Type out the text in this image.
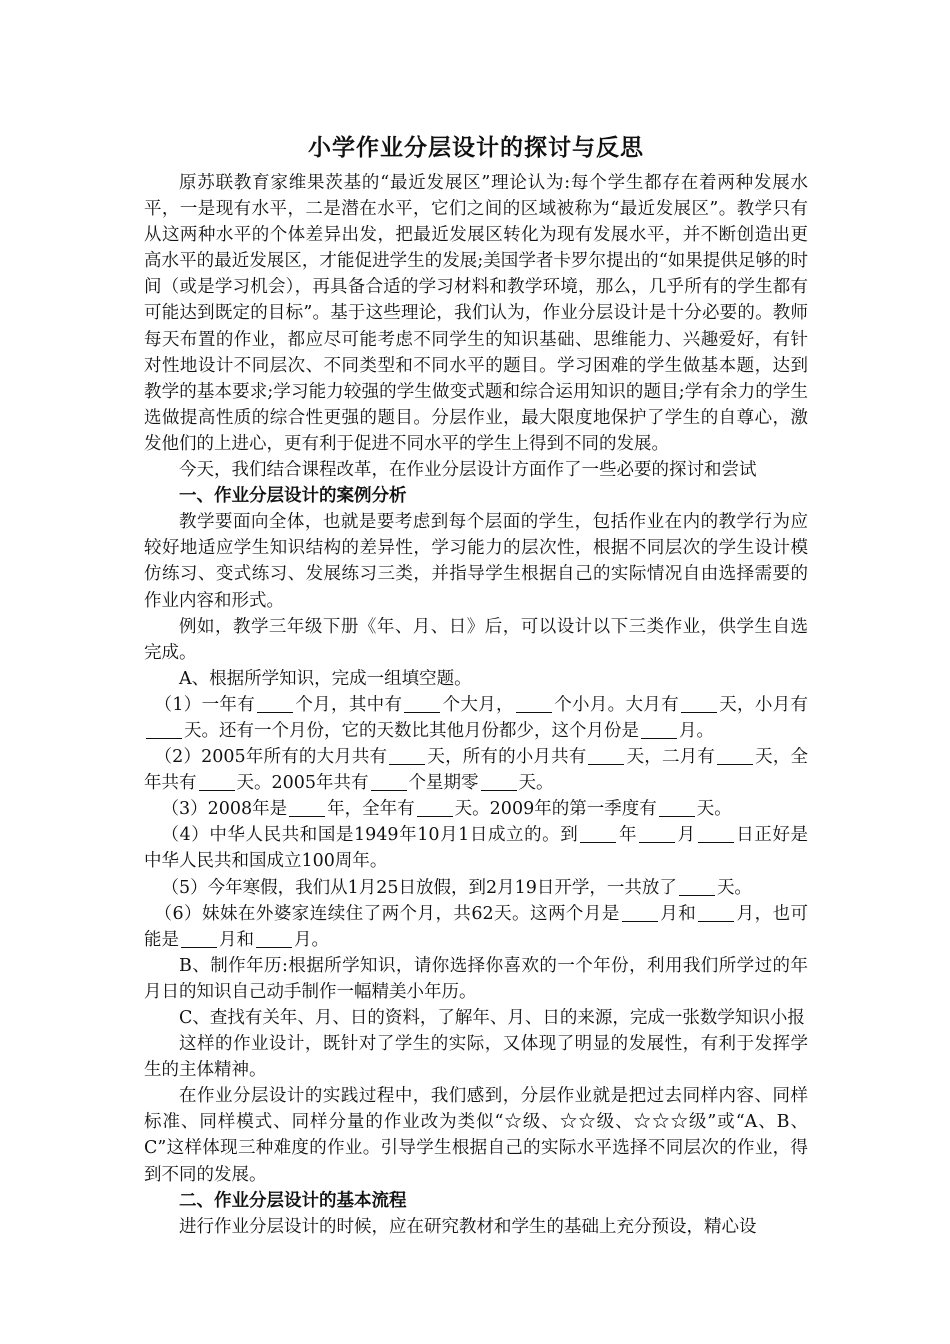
小学作业分层设计的探讨与反思

原苏联教育家维果茨基的“最近发展区”理论认为:每个学生都存在着两种发展水平，一是现有水平，二是潜在水平，它们之间的区域被称为“最近发展区”。教学只有从这两种水平的个体差异出发，把最近发展区转化为现有发展水平，并不断创造出更高水平的最近发展区，才能促进学生的发展;美国学者卡罗尔提出的“如果提供足够的时间（或是学习机会），再具备合适的学习材料和教学环境，那么，几乎所有的学生都有可能达到既定的目标”。基于这些理论，我们认为，作业分层设计是十分必要的。教师每天布置的作业，都应尽可能考虑不同学生的知识基础、思维能力、兴趣爱好，有针对性地设计不同层次、不同类型和不同水平的题目。学习困难的学生做基本题，达到教学的基本要求;学习能力较强的学生做变式题和综合运用知识的题目;学有余力的学生选做提高性质的综合性更强的题目。分层作业，最大限度地保护了学生的自尊心，激发他们的上进心，更有利于促进不同水平的学生上得到不同的发展。

今天，我们结合课程改革，在作业分层设计方面作了一些必要的探讨和尝试

一、作业分层设计的案例分析

教学要面向全体，也就是要考虑到每个层面的学生，包括作业在内的教学行为应较好地适应学生知识结构的差异性，学习能力的层次性，根据不同层次的学生设计模仿练习、变式练习、发展练习三类，并指导学生根据自己的实际情况自由选择需要的作业内容和形式。

例如，教学三年级下册《年、月、日》后，可以设计以下三类作业，供学生自选完成。

A、根据所学知识，完成一组填空题。

（1）一年有 个月，其中有 个大月， 个小月。大月有 天，小月有天。还有一个月份，它的天数比其他月份都少，这个月份是 月。

（2）2005年所有的大月共有 天，所有的小月共有 天，二月有 天，全年共有 天。2005年共有 个星期零 天。

（3）2008年是 年，全年有 天。2009年的第一季度有 天。

（4）中华人民共和国是1949年10月1日成立的。到 年 月 日正好是中华人民共和国成立100周年。

（5）今年寒假，我们从1月25日放假，到2月19日开学，一共放了 天。

（6）妹妹在外婆家连续住了两个月，共62天。这两个月是 月和 月，也可能是 月和 月。

B、制作年历:根据所学知识，请你选择你喜欢的一个年份，利用我们所学过的年月日的知识自己动手制作一幅精美小年历。

C、查找有关年、月、日的资料，了解年、月、日的来源，完成一张数学知识小报

这样的作业设计，既针对了学生的实际，又体现了明显的发展性，有利于发挥学生的主体精神。

在作业分层设计的实践过程中，我们感到，分层作业就是把过去同样内容、同样标准、同样模式、同样分量的作业改为类似“☆级、☆☆级、☆☆☆级”或“A、B、C”这样体现三种难度的作业。引导学生根据自己的实际水平选择不同层次的作业，得到不同的发展。

二、作业分层设计的基本流程

进行作业分层设计的时候，应在研究教材和学生的基础上充分预设，精心设
